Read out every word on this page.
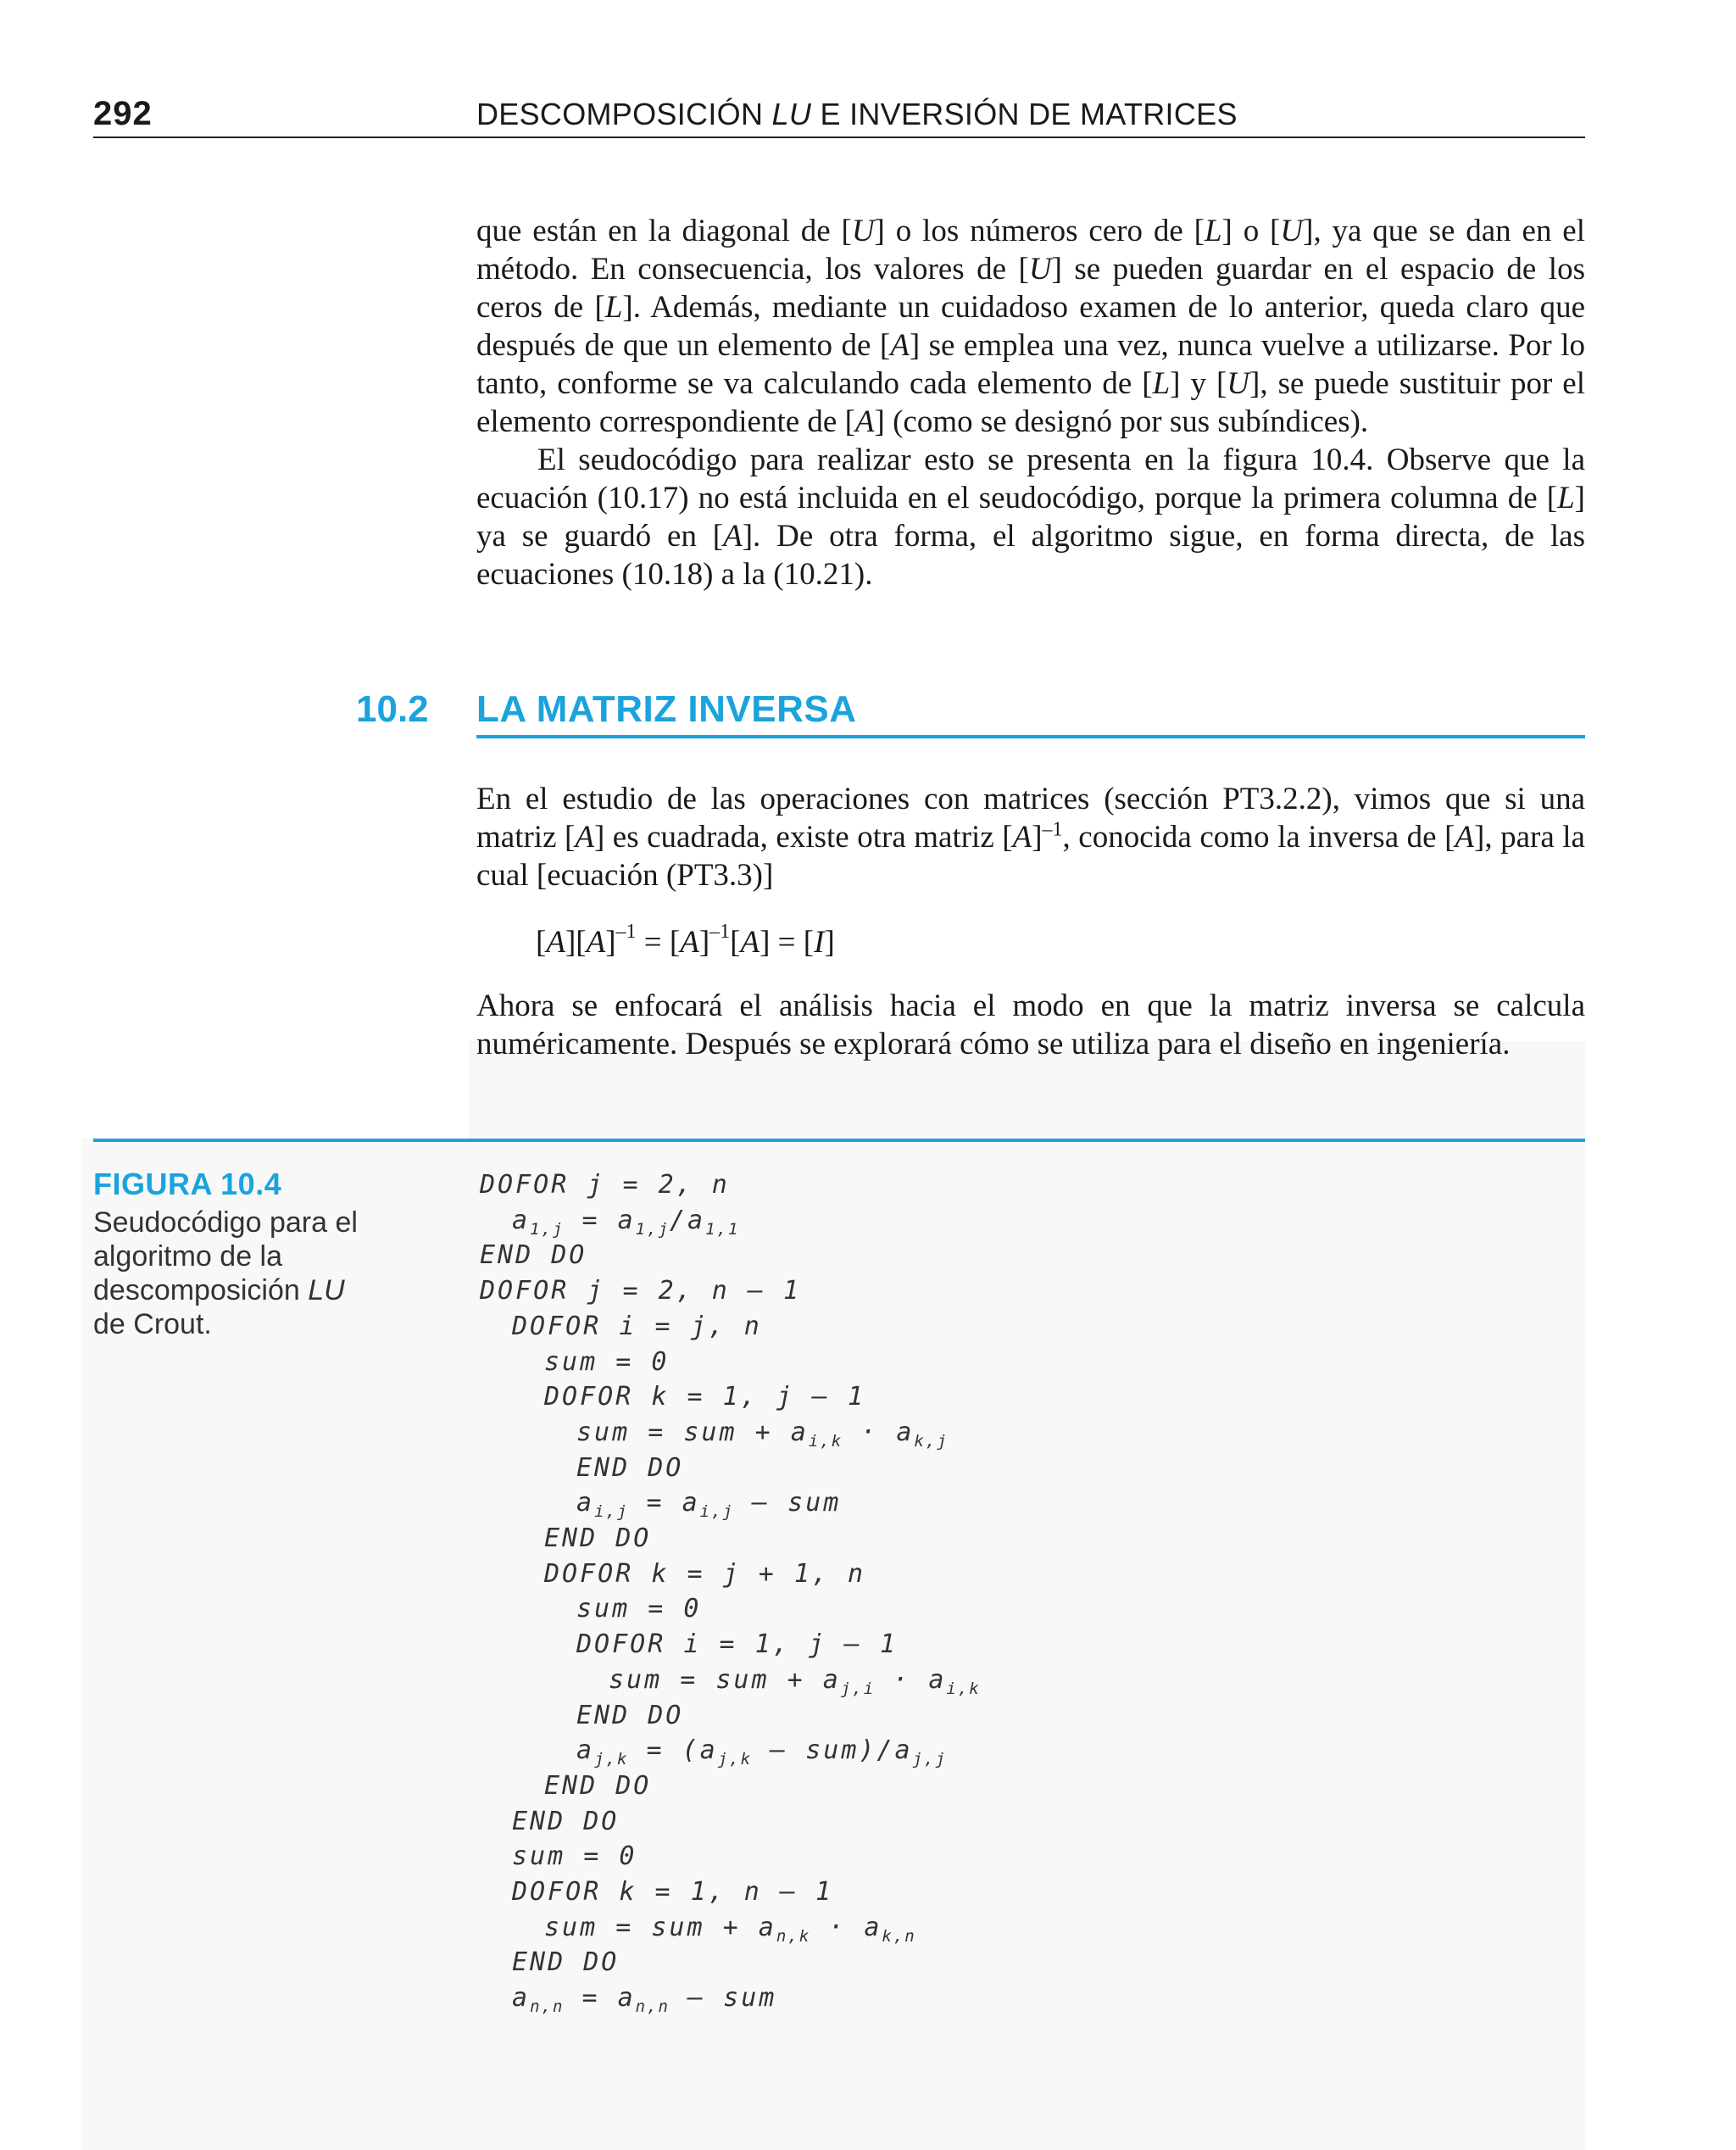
292	DESCOMPOSICIÓN LU E INVERSIÓN DE MATRICES

que están en la diagonal de [U] o los números cero de [L] o [U], ya que se dan en el método. En consecuencia, los valores de [U] se pueden guardar en el espacio de los ceros de [L]. Además, mediante un cuidadoso examen de lo anterior, queda claro que después de que un elemento de [A] se emplea una vez, nunca vuelve a utilizarse. Por lo tanto, conforme se va calculando cada elemento de [L] y [U], se puede sustituir por el elemento correspondiente de [A] (como se designó por sus subíndices).

El seudocódigo para realizar esto se presenta en la figura 10.4. Observe que la ecuación (10.17) no está incluida en el seudocódigo, porque la primera columna de [L] ya se guardó en [A]. De otra forma, el algoritmo sigue, en forma directa, de las ecuaciones (10.18) a la (10.21).

10.2 LA MATRIZ INVERSA

En el estudio de las operaciones con matrices (sección PT3.2.2), vimos que si una matriz [A] es cuadrada, existe otra matriz $[A]^{-1}$, conocida como la inversa de [A], para la cual [ecuación (PT3.3)]

$[A][A]^{-1} = [A]^{-1}[A] = [I]$

Ahora se enfocará el análisis hacia el modo en que la matriz inversa se calcula numéricamente. Después se explorará cómo se utiliza para el diseño en ingeniería.

FIGURA 10.4
Seudocódigo para el algoritmo de la descomposición LU de Crout.
DOFOR j = 2, n
$a_{1,j} = a_{1,j}/a_{1,1}$
END DO
DOFOR j = 2, n – 1
DOFOR i = j, n
sum = 0
DOFOR k = 1, j – 1
sum = sum + $a_{i,k} \cdot a_{k,j}$
END DO
$a_{i,j} = a_{i,j}$ – sum
END DO
DOFOR k = j + 1, n
sum = 0
DOFOR i = 1, j – 1
sum = sum + $a_{j,i} \cdot a_{i,k}$
END DO
$a_{j,k} = (a_{j,k} - sum)/a_{j,j}$
END DO
END DO
sum = 0
DOFOR k = 1, n – 1
sum = sum + $a_{n,k} \cdot a_{k,n}$
END DO
$a_{n,n} = a_{n,n}$ – sum
